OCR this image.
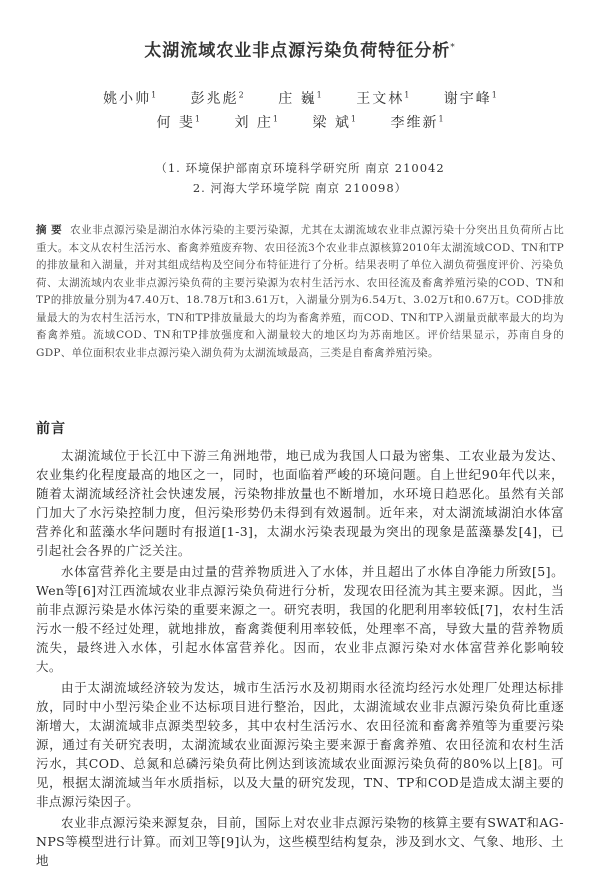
太湖流域农业非点源污染负荷特征分析*
姚小帅$^1$ 彭兆彪$^2$ 庄 巍$^1$ 王文林$^1$ 谢宇峰$^1$
何 斐$^1$ 刘 庄$^1$ 梁 斌$^1$ 李维新$^1$
（1. 环境保护部南京环境科学研究所 南京 210042
2. 河海大学环境学院 南京 210098）
摘 要 农业非点源污染是湖泊水体污染的主要污染源，尤其在太湖流域农业非点源污染十分突出且负荷所占比重大。本文从农村生活污水、畜禽养殖废弃物、农田径流3个农业非点源核算2010年太湖流域COD、TN和TP的排放量和入湖量，并对其组成结构及空间分布特征进行了分析。结果表明了单位入湖负荷强度评价、污染负荷、太湖流域内农业非点源污染负荷的主要污染源为农村生活污水、农田径流及畜禽养殖污染的COD、TN和TP的排放量分别为47.40万t、18.78万t和3.61万t，入湖量分别为6.54万t、3.02万t和0.67万t。COD排放量最大的为农村生活污水，TN和TP排放量最大的均为畜禽养殖，而COD、TN和TP入湖量贡献率最大的均为畜禽养殖。流域COD、TN和TP排放强度和入湖量较大的地区均为苏南地区。评价结果显示，苏南自身的GDP、单位面积农业非点源污染入湖负荷为太湖流域最高，三类是自畜禽养殖污染。
前言

太湖流域位于长江中下游三角洲地带，地已成为我国人口最为密集、工农业最为发达、农业集约化程度最高的地区之一，同时，也面临着严峻的环境问题。自上世纪90年代以来，随着太湖流域经济社会快速发展，污染物排放量也不断增加，水环境日趋恶化。虽然有关部门加大了水污染控制力度，但污染形势仍未得到有效遏制。近年来，对太湖流域湖泊水体富营养化和蓝藻水华问题时有报道[1-3]，太湖水污染表现最为突出的现象是蓝藻暴发[4]，已引起社会各界的广泛关注。

水体富营养化主要是由过量的营养物质进入了水体，并且超出了水体自净能力所致[5]。Wen等[6]对江西流域农业非点源污染负荷进行分析，发现农田径流为其主要来源。因此，当前非点源污染是水体污染的重要来源之一。研究表明，我国的化肥利用率较低[7]，农村生活污水一般不经过处理，就地排放，畜禽粪便利用率较低，处理率不高，导致大量的营养物质流失，最终进入水体，引起水体富营养化。因而，农业非点源污染对水体富营养化影响较大。

由于太湖流域经济较为发达，城市生活污水及初期雨水径流均经污水处理厂处理达标排放，同时中小型污染企业不达标项目进行整治，因此，太湖流域农业非点源污染负荷比重逐渐增大，太湖流域非点源类型较多，其中农村生活污水、农田径流和畜禽养殖等为重要污染源，通过有关研究表明，太湖流域农业面源污染主要来源于畜禽养殖、农田径流和农村生活污水，其COD、总氮和总磷污染负荷比例达到该流域农业面源污染负荷的80%以上[8]。可见，根据太湖流域当年水质指标，以及大量的研究发现，TN、TP和COD是造成太湖主要的非点源污染因子。

农业非点源污染来源复杂，目前，国际上对农业非点源污染物的核算主要有SWAT和AG-NPS等模型进行计算。而刘卫等[9]认为，这些模型结构复杂，涉及到水文、气象、地形、土地
